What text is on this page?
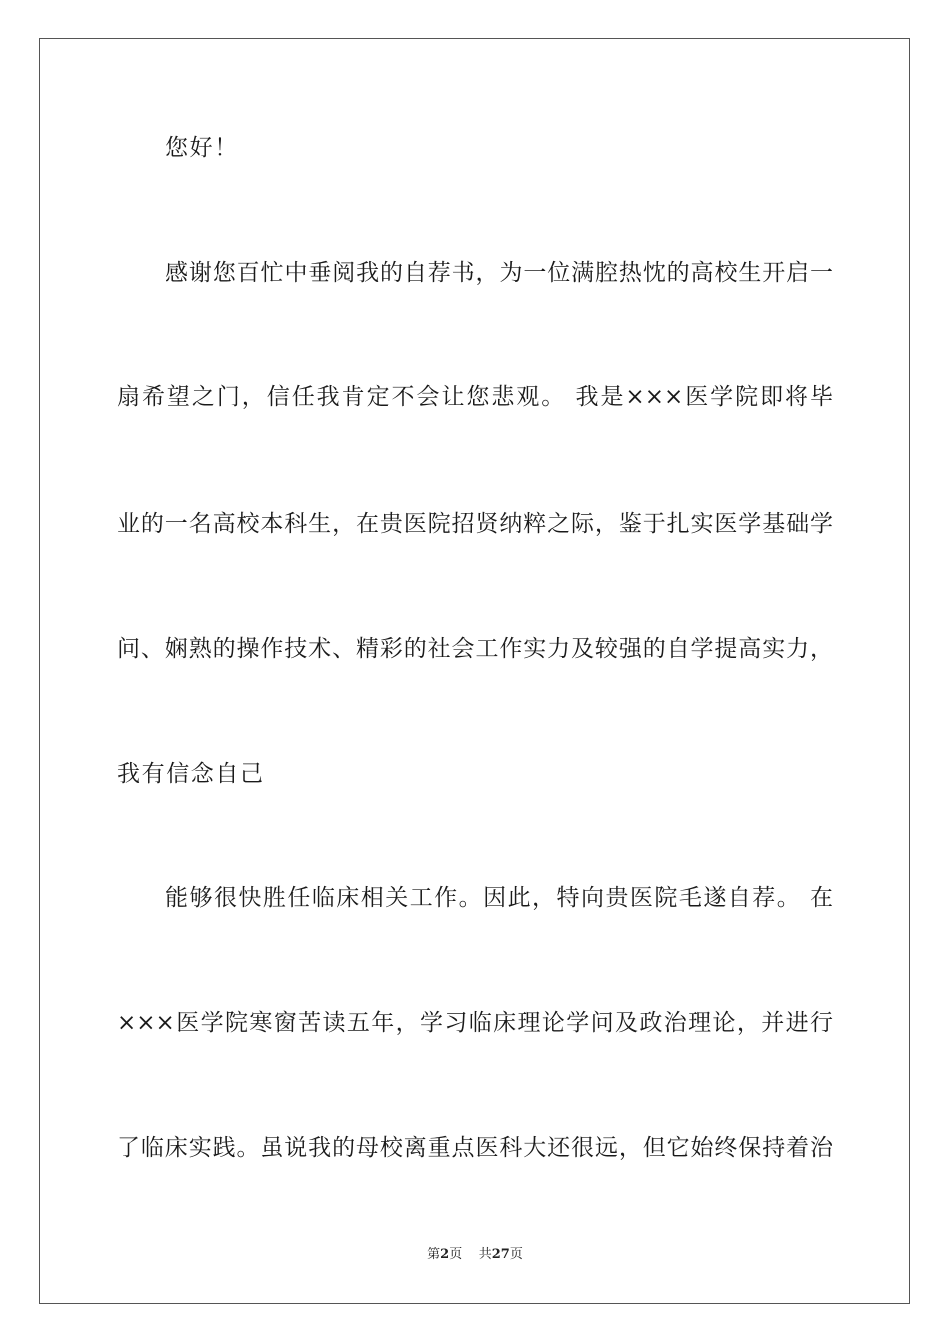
您好！
感谢您百忙中垂阅我的自荐书，为一位满腔热忱的高校生开启一
扇希望之门，信任我肯定不会让您悲观。 我是×××医学院即将毕
业的一名高校本科生，在贵医院招贤纳粹之际，鉴于扎实医学基础学
问、娴熟的操作技术、精彩的社会工作实力及较强的自学提高实力，
我有信念自己
能够很快胜任临床相关工作。因此，特向贵医院毛遂自荐。 在
×××医学院寒窗苦读五年，学习临床理论学问及政治理论，并进行
了临床实践。虽说我的母校离重点医科大还很远，但它始终保持着治
第2页 共27页
